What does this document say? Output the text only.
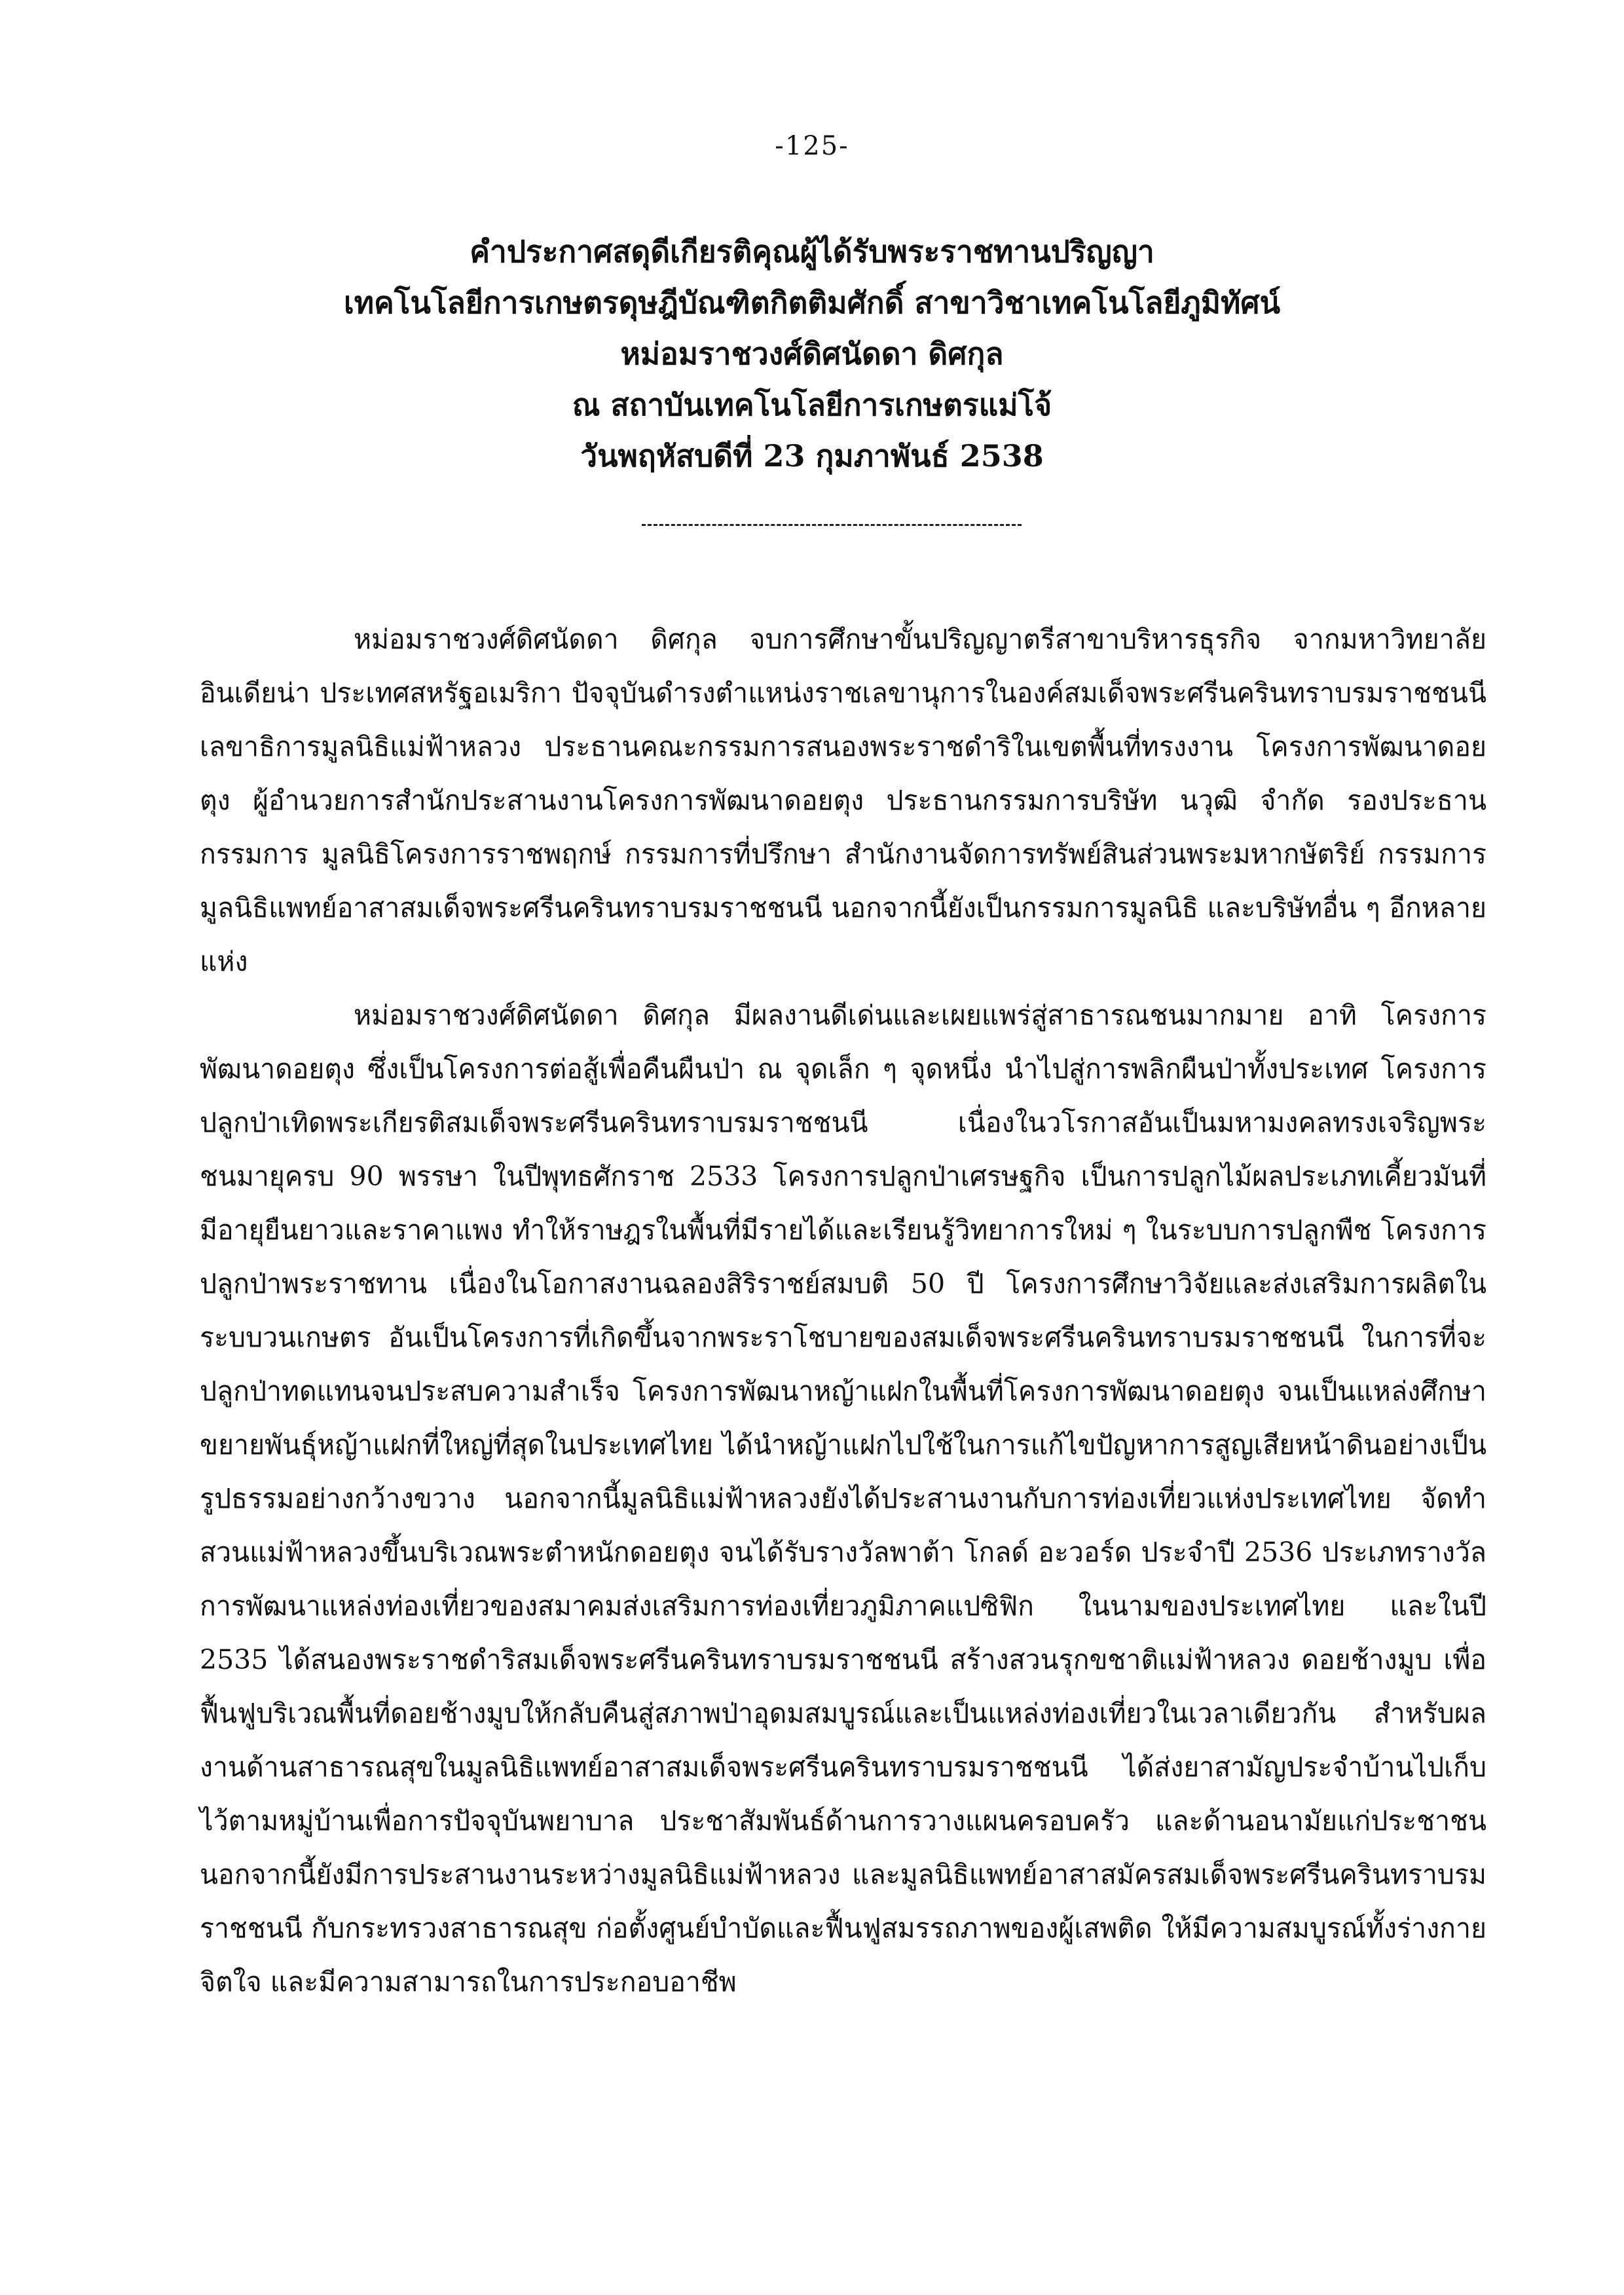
-125-
คำประกาศสดุดีเกียรติคุณผู้ได้รับพระราชทานปริญญา
เทคโนโลยีการเกษตรดุษฎีบัณฑิตกิตติมศักดิ์ สาขาวิชาเทคโนโลยีภูมิทัศน์
หม่อมราชวงศ์ดิศนัดดา ดิศกุล
ณ สถาบันเทคโนโลยีการเกษตรแม่โจ้
วันพฤหัสบดีที่ 23 กุมภาพันธ์ 2538

หม่อมราชวงศ์ดิศนัดดา ดิศกุล จบการศึกษาขั้นปริญญาตรีสาขาบริหารธุรกิจ จากมหาวิทยาลัยอินเดียน่า ประเทศสหรัฐอเมริกา ปัจจุบันดำรงตำแหน่งราชเลขานุการในองค์สมเด็จพระศรีนครินทราบรมราชชนนี เลขาธิการมูลนิธิแม่ฟ้าหลวง ประธานคณะกรรมการสนองพระราชดำริในเขตพื้นที่ทรงงาน โครงการพัฒนาดอยตุง ผู้อำนวยการสำนักประสานงานโครงการพัฒนาดอยตุง ประธานกรรมการบริษัท นวุฒิ จำกัด รองประธานกรรมการ มูลนิธิโครงการราชพฤกษ์ กรรมการที่ปรึกษา สำนักงานจัดการทรัพย์สินส่วนพระมหากษัตริย์ กรรมการมูลนิธิแพทย์อาสาสมเด็จพระศรีนครินทราบรมราชชนนี นอกจากนี้ยังเป็นกรรมการมูลนิธิ และบริษัทอื่น ๆ อีกหลายแห่ง

หม่อมราชวงศ์ดิศนัดดา ดิศกุล มีผลงานดีเด่นและเผยแพร่สู่สาธารณชนมากมาย อาทิ โครงการพัฒนาดอยตุง ซึ่งเป็นโครงการต่อสู้เพื่อคืนผืนป่า ณ จุดเล็ก ๆ จุดหนึ่ง นำไปสู่การพลิกผืนป่าทั้งประเทศ โครงการปลูกป่าเทิดพระเกียรติสมเด็จพระศรีนครินทราบรมราชชนนี เนื่องในวโรกาสอันเป็นมหามงคลทรงเจริญพระชนมายุครบ 90 พรรษา ในปีพุทธศักราช 2533 โครงการปลูกป่าเศรษฐกิจ เป็นการปลูกไม้ผลประเภทเคี้ยวมันที่มีอายุยืนยาวและราคาแพง ทำให้ราษฎรในพื้นที่มีรายได้และเรียนรู้วิทยาการใหม่ ๆ ในระบบการปลูกพืช โครงการปลูกป่าพระราชทาน เนื่องในโอกาสงานฉลองสิริราชย์สมบติ 50 ปี โครงการศึกษาวิจัยและส่งเสริมการผลิตในระบบวนเกษตร อันเป็นโครงการที่เกิดขึ้นจากพระราโชบายของสมเด็จพระศรีนครินทราบรมราชชนนี ในการที่จะปลูกป่าทดแทนจนประสบความสำเร็จ โครงการพัฒนาหญ้าแฝกในพื้นที่โครงการพัฒนาดอยตุง จนเป็นแหล่งศึกษาขยายพันธุ์หญ้าแฝกที่ใหญ่ที่สุดในประเทศไทย ได้นำหญ้าแฝกไปใช้ในการแก้ไขปัญหาการสูญเสียหน้าดินอย่างเป็นรูปธรรมอย่างกว้างขวาง นอกจากนี้มูลนิธิแม่ฟ้าหลวงยังได้ประสานงานกับการท่องเที่ยวแห่งประเทศไทย จัดทำสวนแม่ฟ้าหลวงขึ้นบริเวณพระตำหนักดอยตุง จนได้รับรางวัลพาต้า โกลด์ อะวอร์ด ประจำปี 2536 ประเภทรางวัลการพัฒนาแหล่งท่องเที่ยวของสมาคมส่งเสริมการท่องเที่ยวภูมิภาคแปซิฟิก ในนามของประเทศไทย และในปี 2535 ได้สนองพระราชดำริสมเด็จพระศรีนครินทราบรมราชชนนี สร้างสวนรุกขชาติแม่ฟ้าหลวง ดอยช้างมูบ เพื่อฟื้นฟูบริเวณพื้นที่ดอยช้างมูบให้กลับคืนสู่สภาพป่าอุดมสมบูรณ์และเป็นแหล่งท่องเที่ยวในเวลาเดียวกัน สำหรับผลงานด้านสาธารณสุขในมูลนิธิแพทย์อาสาสมเด็จพระศรีนครินทราบรมราชชนนี ได้ส่งยาสามัญประจำบ้านไปเก็บไว้ตามหมู่บ้านเพื่อการปัจจุบันพยาบาล ประชาสัมพันธ์ด้านการวางแผนครอบครัว และด้านอนามัยแก่ประชาชน นอกจากนี้ยังมีการประสานงานระหว่างมูลนิธิแม่ฟ้าหลวง และมูลนิธิแพทย์อาสาสมัครสมเด็จพระศรีนครินทราบรมราชชนนี กับกระทรวงสาธารณสุข ก่อตั้งศูนย์บำบัดและฟื้นฟูสมรรถภาพของผู้เสพติด ให้มีความสมบูรณ์ทั้งร่างกาย จิตใจ และมีความสามารถในการประกอบอาชีพ
